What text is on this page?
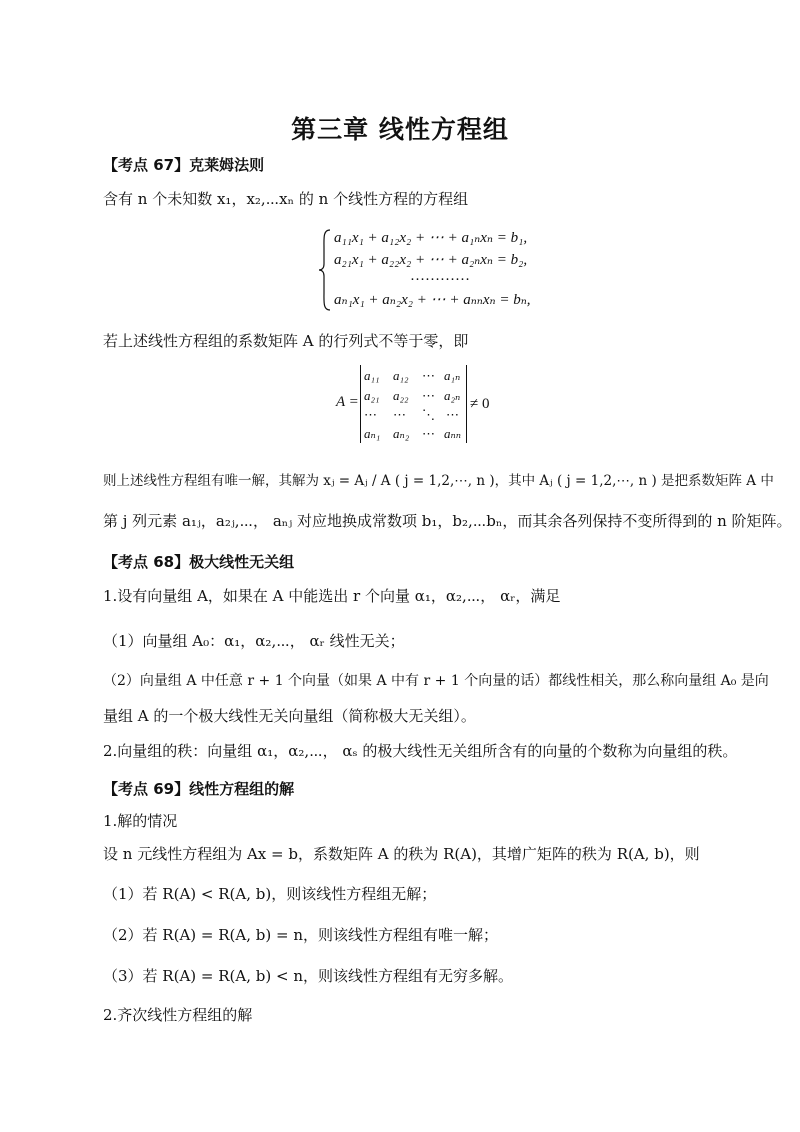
第三章 线性方程组
【考点 67】克莱姆法则
含有 n 个未知数 x₁，x₂,⋯xₙ 的 n 个线性方程的方程组
a₁₁x₁ + a₁₂x₂ + ⋯ + a₁ₙxₙ = b₁,
a₂₁x₁ + a₂₂x₂ + ⋯ + a₂ₙxₙ = b₂,
…………
aₙ₁x₁ + aₙ₂x₂ + ⋯ + aₙₙxₙ = bₙ,
若上述线性方程组的系数矩阵 A 的行列式不等于零，即
A =
a₁₁ a₁₂ ⋯ a₁ₙ
a₂₁ a₂₂ ⋯ a₂ₙ
⋯ ⋯ ⋱ ⋯
aₙ₁ aₙ₂ ⋯ aₙₙ
≠ 0
则上述线性方程组有唯一解，其解为 xⱼ = Aⱼ / A ( j = 1,2,⋯, n )，其中 Aⱼ ( j = 1,2,⋯, n ) 是把系数矩阵 A 中
第 j 列元素 a₁ⱼ，a₂ⱼ,⋯， aₙⱼ 对应地换成常数项 b₁，b₂,⋯bₙ，而其余各列保持不变所得到的 n 阶矩阵。
【考点 68】极大线性无关组
1.设有向量组 A，如果在 A 中能选出 r 个向量 α₁，α₂,⋯， αᵣ，满足
（1）向量组 A₀：α₁，α₂,⋯， αᵣ 线性无关；
（2）向量组 A 中任意 r + 1 个向量（如果 A 中有 r + 1 个向量的话）都线性相关，那么称向量组 A₀ 是向
量组 A 的一个极大线性无关向量组（简称极大无关组）。
2.向量组的秩：向量组 α₁，α₂,⋯， αₛ 的极大线性无关组所含有的向量的个数称为向量组的秩。
【考点 69】线性方程组的解
1.解的情况
设 n 元线性方程组为 Ax = b，系数矩阵 A 的秩为 R(A)，其增广矩阵的秩为 R(A, b)，则
（1）若 R(A) < R(A, b)，则该线性方程组无解；
（2）若 R(A) = R(A, b) = n，则该线性方程组有唯一解；
（3）若 R(A) = R(A, b) < n，则该线性方程组有无穷多解。
2.齐次线性方程组的解
